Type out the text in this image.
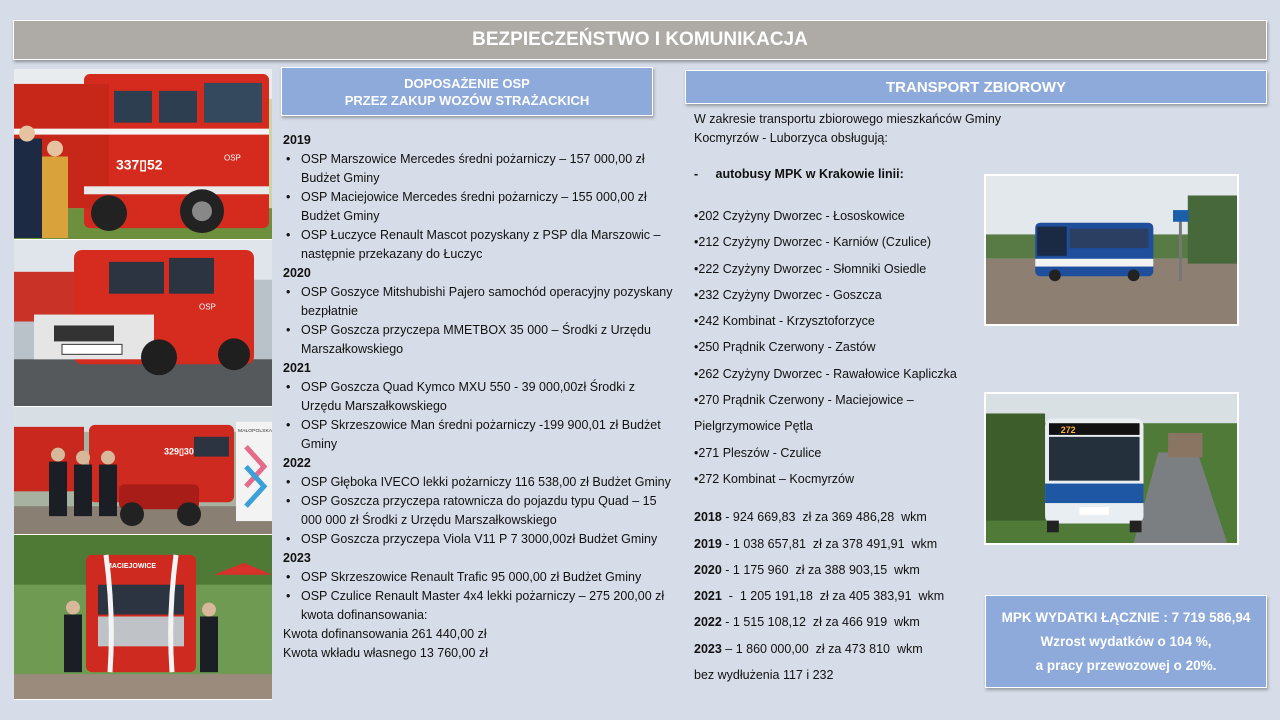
BEZPIECZEŃSTWO I KOMUNIKACJA
337▯52	OSP
OSP
329▯30
MAŁOPOLSKA
MACIEJOWICE
DOPOSAŻENIE OSP
PRZEZ ZAKUP WOZÓW STRAŻACKICH
2019
• OSP Marszowice Mercedes średni pożarniczy – 157 000,00 zł Budżet Gminy
• OSP Maciejowice Mercedes średni pożarniczy – 155 000,00 zł Budżet Gminy
• OSP Łuczyce Renault Mascot pozyskany z PSP dla Marszowic – następnie przekazany do Łuczyc
2020
• OSP Goszyce Mitshubishi Pajero samochód operacyjny pozyskany bezpłatnie
• OSP Goszcza przyczepa MMETBOX 35 000 – Środki z Urzędu Marszałkowskiego
2021
• OSP Goszcza Quad Kymco MXU 550 - 39 000,00zł Środki z Urzędu Marszałkowskiego
• OSP Skrzeszowice Man średni pożarniczy -199 900,01 zł Budżet Gminy
2022
• OSP Głęboka IVECO lekki pożarniczy 116 538,00 zł Budżet Gminy
• OSP Goszcza przyczepa ratownicza do pojazdu typu Quad – 15 000 000 zł Środki z Urzędu Marszałkowskiego
• OSP Goszcza przyczepa Viola V11 P 7 3000,00zł Budżet Gminy
2023
• OSP Skrzeszowice Renault Trafic 95 000,00 zł Budżet Gminy
• OSP Czulice Renault Master 4x4 lekki pożarniczy – 275 200,00 zł kwota dofinansowania:
Kwota dofinansowania 261 440,00 zł
Kwota wkładu własnego 13 760,00 zł
TRANSPORT ZBIOROWY
W zakresie transportu zbiorowego mieszkańców Gminy Kocmyrzów - Luborzyca obsługują:
-     autobusy MPK w Krakowie linii:
•202 Czyżyny Dworzec - Łososkowice
•212 Czyżyny Dworzec - Karniów (Czulice)
•222 Czyżyny Dworzec - Słomniki Osiedle
•232 Czyżyny Dworzec - Goszcza
•242 Kombinat - Krzysztoforzyce
•250 Prądnik Czerwony - Zastów
•262 Czyżyny Dworzec - Rawałowice Kapliczka
•270 Prądnik Czerwony - Maciejowice – Pielgrzymowice Pętla
•271 Pleszów - Czulice
•272 Kombinat – Kocmyrzów
2018 - 924 669,83  zł za 369 486,28  wkm
2019 - 1 038 657,81  zł za 378 491,91  wkm
2020 - 1 175 960  zł za 388 903,15  wkm
2021  -  1 205 191,18  zł za 405 383,91  wkm
2022 - 1 515 108,12  zł za 466 919  wkm
2023 – 1 860 000,00  zł za 473 810  wkm
bez wydłużenia 117 i 232
272
MPK WYDATKI ŁĄCZNIE : 7 719 586,94
Wzrost wydatków o 104 %,
a pracy przewozowej o 20%.
